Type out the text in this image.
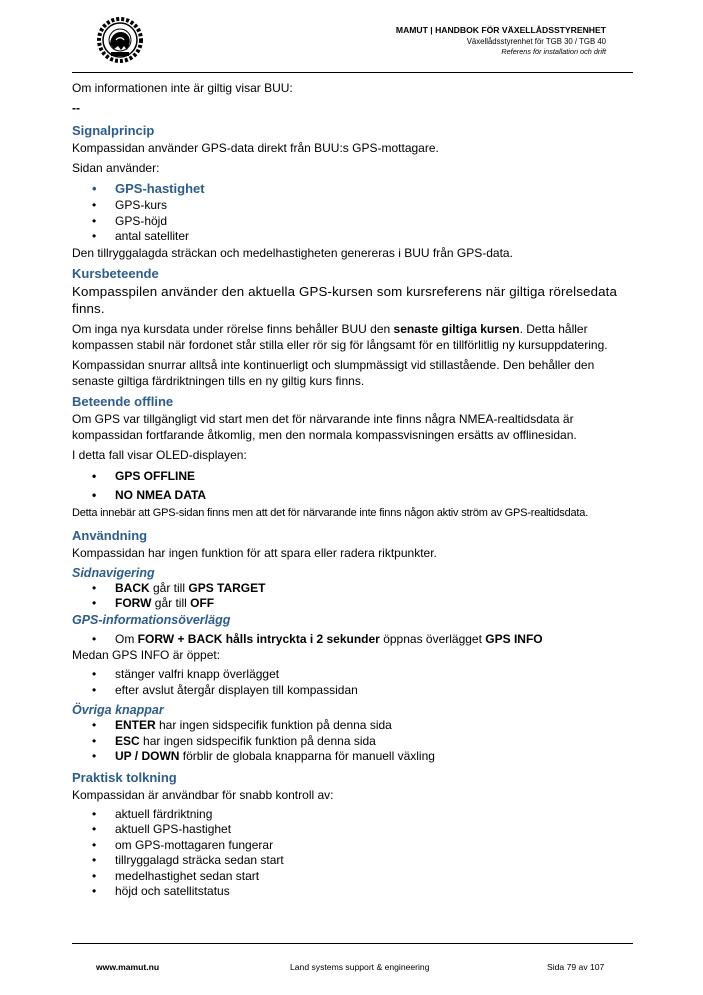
MAMUT | HANDBOK FÖR VÄXELLÅDSSTYRENHET
Växellådsstyrenhet för TGB 30 / TGB 40
Referens för installation och drift

Om informationen inte är giltig visar BUU:

--

Signalprincip

Kompassidan använder GPS-data direkt från BUU:s GPS-mottagare.

Sidan använder:

• GPS-hastighet
• GPS-kurs
• GPS-höjd
• antal satelliter

Den tillryggalagda sträckan och medelhastigheten genereras i BUU från GPS-data.

Kursbeteende

Kompasspilen använder den aktuella GPS-kursen som kursreferens när giltiga rörelsedata finns.

Om inga nya kursdata under rörelse finns behåller BUU den senaste giltiga kursen. Detta håller kompassen stabil när fordonet står stilla eller rör sig för långsamt för en tillförlitlig ny kursuppdatering.

Kompassidan snurrar alltså inte kontinuerligt och slumpmässigt vid stillastående. Den behåller den senaste giltiga färdriktningen tills en ny giltig kurs finns.

Beteende offline

Om GPS var tillgängligt vid start men det för närvarande inte finns några NMEA-realtidsdata är kompassidan fortfarande åtkomlig, men den normala kompassvisningen ersätts av offlinesidan.

I detta fall visar OLED-displayen:

• GPS OFFLINE
• NO NMEA DATA

Detta innebär att GPS-sidan finns men att det för närvarande inte finns någon aktiv ström av GPS-realtidsdata.

Användning

Kompassidan har ingen funktion för att spara eller radera riktpunkter.

Sidnavigering
• BACK går till GPS TARGET
• FORW går till OFF
GPS-informationsöverlägg
• Om FORW + BACK hålls intryckta i 2 sekunder öppnas överlägget GPS INFO

Medan GPS INFO är öppet:

• stänger valfri knapp överlägget
• efter avslut återgår displayen till kompassidan
Övriga knappar
• ENTER har ingen sidspecifik funktion på denna sida
• ESC har ingen sidspecifik funktion på denna sida
• UP / DOWN förblir de globala knapparna för manuell växling
Praktisk tolkning

Kompassidan är användbar för snabb kontroll av:

• aktuell färdriktning
• aktuell GPS-hastighet
• om GPS-mottagaren fungerar
• tillryggalagd sträcka sedan start
• medelhastighet sedan start
• höjd och satellitstatus
www.mamut.nu	Land systems support & engineering	Sida 79 av 107
